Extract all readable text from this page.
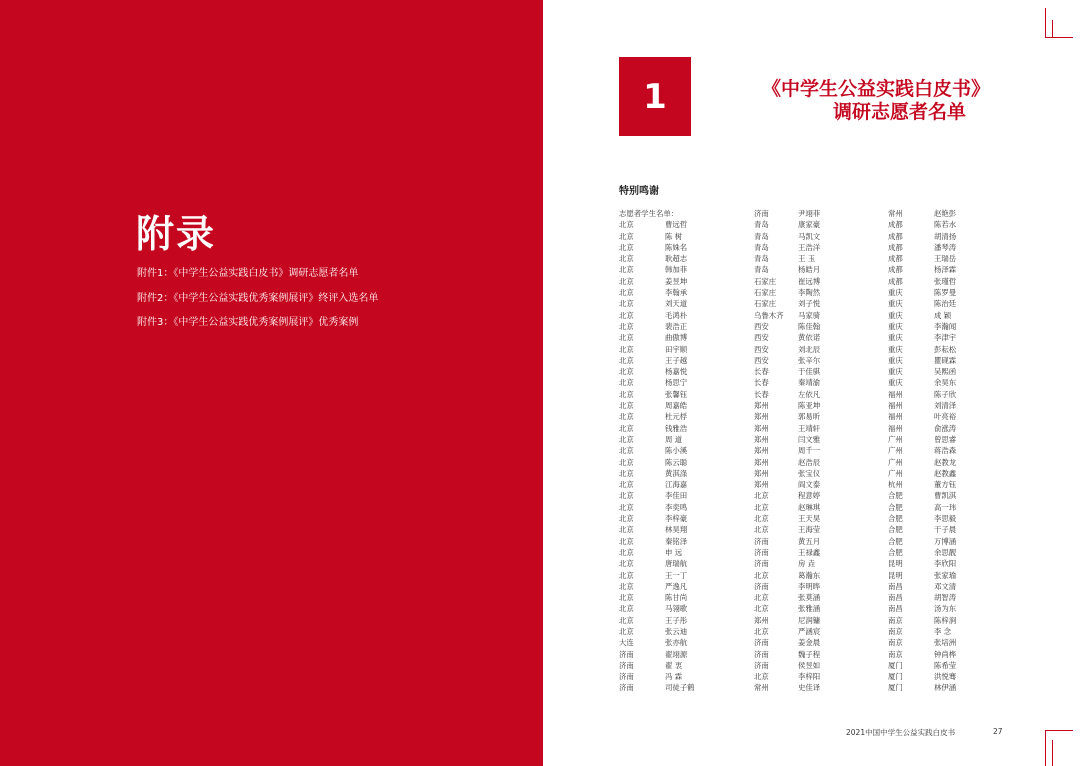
附录
附件1：《中学生公益实践白皮书》调研志愿者名单
附件2：《中学生公益实践优秀案例展评》终评入选名单
附件3：《中学生公益实践优秀案例展评》优秀案例
1	《中学生公益实践白皮书》
调研志愿者名单
特别鸣谢
志愿者学生名单：
北京	曹远哲
北京	陈 树
北京	陈姝名
北京	耿超志
北京	韩加菲
北京	姜昱坤
北京	李翰承
北京	刘天道
北京	毛鸿朴
北京	裴浩正
北京	曲傲博
北京	田宇顺
北京	王子越
北京	杨嘉悦
北京	杨思宁
北京	张馨钰
北京	周嘉皓
北京	杜元桴
北京	钱雅浩
北京	周 道
北京	陈小溪
北京	陈云聪
北京	黄淇涤
北京	江海嘉
北京	李佳田
北京	李奕鸣
北京	李梓豪
北京	林昊翔
北京	秦铭泽
北京	申 远
北京	唐瑞航
北京	王一丁
北京	严逸凡
北京	陈甘尚
北京	马翎歌
北京	王子彤
北京	张云迪
大连	张亦航
济南	翟翊源
济南	翟 衷
济南	冯 霖
济南	司徒子鹤
济南	尹翊菲
青岛	康家豪
青岛	马凯文
青岛	王浩洋
青岛	王 玉
青岛	杨皓月
石家庄	崔远博
石家庄	李陶然
石家庄	刘子悦
乌鲁木齐 马家骑
西安	陈佳翰
西安	黄依诺
西安	刘北辰
西安	张辛尔
长春	于佳骐
长春	秦靖渝
长春	左依凡
郑州	陈亚坤
郑州	郭易昕
郑州	王靖轩
郑州	闫文雅
郑州	周千一
郑州	赵浩辰
郑州	张宝仪
郑州	阎文泰
北京	程意婷
北京	赵琳琪
北京	王天昊
北京	王海莹
济南	黄五月
济南	王禄鑫
济南	房 垚
北京	葛瀚东
济南	李明晔
北京	张莫涵
北京	张雅涵
郑州	尼润镛
北京	严涵宸
济南	姜金晨
济南	魏子程
济南	侯昱如
北京	李梓阳
常州	史佳译
常州	赵艳彭
成都	陈若水
成都	胡清扬
成都	潘琴涛
成都	王瑞岳
成都	杨泽霖
成都	张瑾哲
重庆	陈罗曼
重庆	陈治廷
重庆	成 颖
重庆	李瀚闻
重庆	李津宇
重庆	彭耘松
重庆	瞿砚霖
重庆	吴熙函
重庆	余昊东
福州	陈子欣
福州	刘清泽
福州	叶亮裕
福州	俞涨涛
广州	曾思睿
广州	蒋浩森
广州	赵教龙
广州	赵教鑫
杭州	董方钰
合肥	曹凯淇
合肥	高一玮
合肥	李思毅
合肥	干子晨
合肥	万博涵
合肥	余思靓
昆明	李欣阳
昆明	张家瑜
南昌	邓文清
南昌	胡智涛
南昌	汤为东
南京	陈梓涧
南京	李 念
南京	张培洲
南京	钟尚桦
厦门	陈希莹
厦门	洪悦骞
厦门	林伊涵
2021中国中学生公益实践白皮书	27
